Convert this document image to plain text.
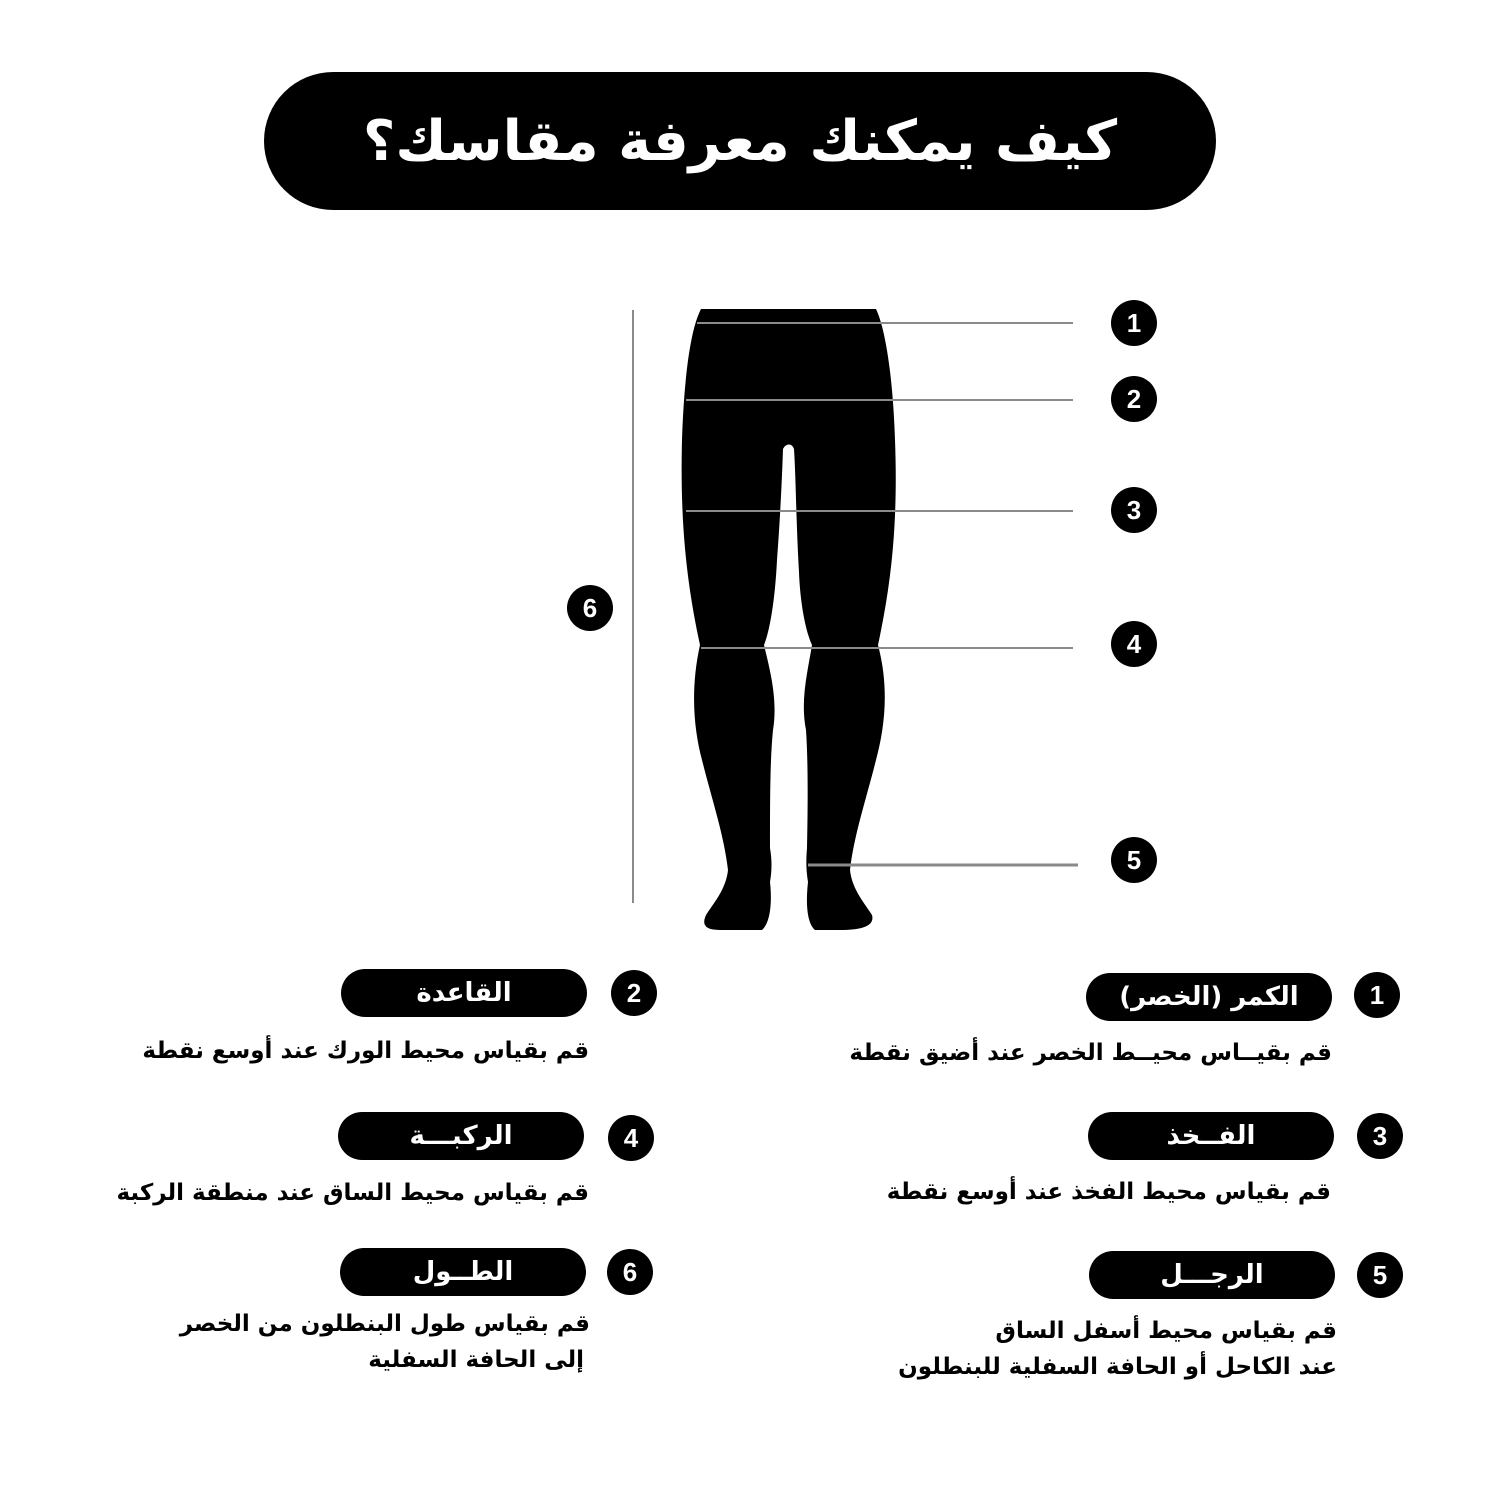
كيف يمكنك معرفة مقاسك؟
1
2
3
4
5
6
1
الكمر (الخصر)
قم بقيــاس محيــط الخصر عند أضيق نقطة
2
القاعدة
قم بقياس محيط الورك عند أوسع نقطة
3
الفــخذ
قم بقياس محيط الفخذ عند أوسع نقطة
4
الركبـــة
قم بقياس محيط الساق عند منطقة الركبة
5
الرجـــل
قم بقياس محيط أسفل الساق
عند الكاحل أو الحافة السفلية للبنطلون
6
الطــول
قم بقياس طول البنطلون من الخصر
إلى الحافة السفلية
